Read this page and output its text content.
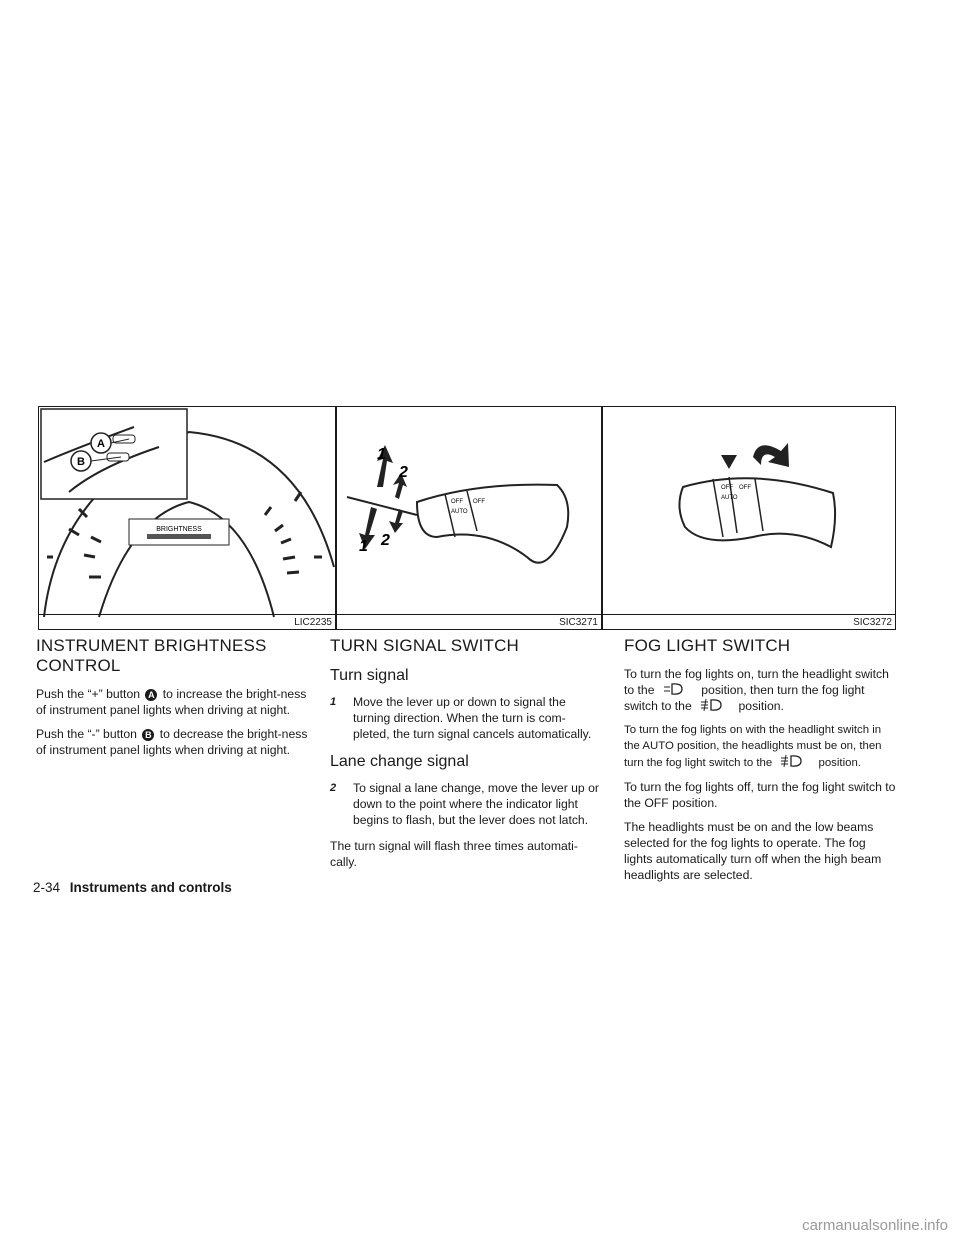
A
B
BRIGHTNESS
LIC2235
OFF
AUTO
OFF
1
2
1 2
SIC3271
OFF
AUTO
OFF
SIC3272
INSTRUMENT BRIGHTNESS CONTROL

Push the “+” button A to increase the bright-ness of instrument panel lights when driving at night.

Push the “-” button B to decrease the bright-ness of instrument panel lights when driving at night.

TURN SIGNAL SWITCH
Turn signal
1 Move the lever up or down to signal the turning direction. When the turn is com-pleted, the turn signal cancels automatically.
Lane change signal
2 To signal a lane change, move the lever up or down to the point where the indicator light begins to flash, but the lever does not latch.

The turn signal will flash three times automati-cally.

FOG LIGHT SWITCH

To turn the fog lights on, turn the headlight switch to the	position, then turn the fog light switch to the	position.

To turn the fog lights on with the headlight switch in the AUTO position, the headlights must be on, then turn the fog light switch to the	position.

To turn the fog lights off, turn the fog light switch to the OFF position.

The headlights must be on and the low beams selected for the fog lights to operate. The fog lights automatically turn off when the high beam headlights are selected.

2-34 Instruments and controls
carmanualsonline.info
